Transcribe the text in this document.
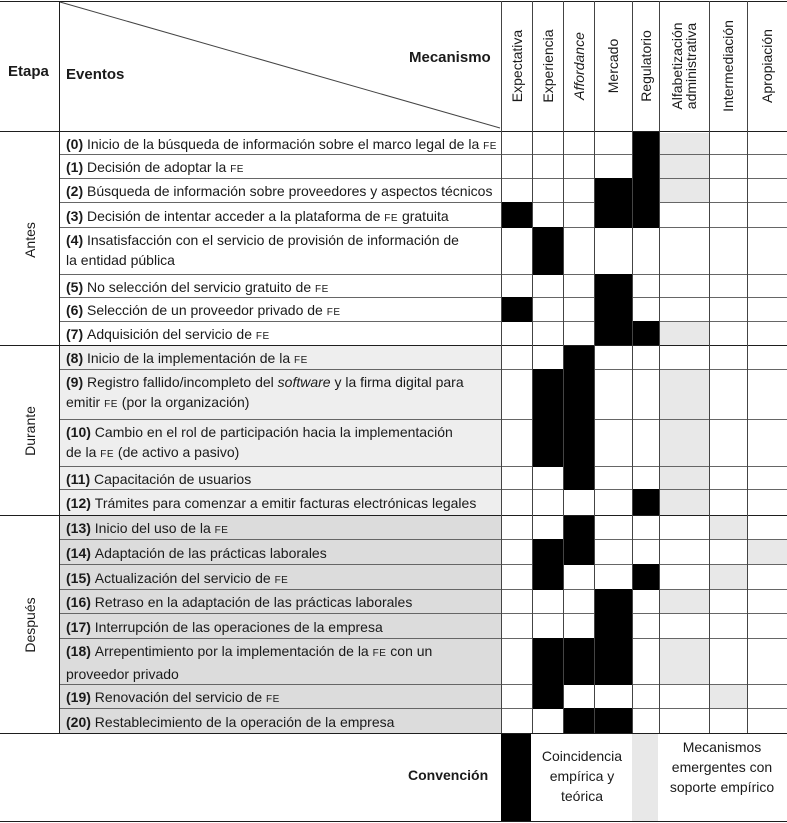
Etapa Eventos
Mecanismo Expectativa Experiencia Affordance Mercado Regulatorio Alfabetización
administrativa Intermediación Apropiación
(0) Inicio de la búsqueda de información sobre el marco legal de la FE
(1) Decisión de adoptar la FE
(2) Búsqueda de información sobre proveedores y aspectos técnicos
(3) Decisión de intentar acceder a la plataforma de FE gratuita
(4) Insatisfacción con el servicio de provisión de información de
la entidad pública
(5) No selección del servicio gratuito de FE
(6) Selección de un proveedor privado de FE
(7) Adquisición del servicio de FE
(8) Inicio de la implementación de la FE
(9) Registro fallido/incompleto del software y la firma digital para
emitir FE (por la organización)
(10) Cambio en el rol de participación hacia la implementación
de la FE (de activo a pasivo)
(11) Capacitación de usuarios
(12) Trámites para comenzar a emitir facturas electrónicas legales
(13) Inicio del uso de la FE
(14) Adaptación de las prácticas laborales
(15) Actualización del servicio de FE
(16) Retraso en la adaptación de las prácticas laborales
(17) Interrupción de las operaciones de la empresa
(18) Arrepentimiento por la implementación de la FE con un
proveedor privado
(19) Renovación del servicio de FE
(20) Restablecimiento de la operación de la empresa
Antes
Durante
Después
Convención
Coincidencia empírica y teórica
Mecanismos emergentes con soporte empírico
